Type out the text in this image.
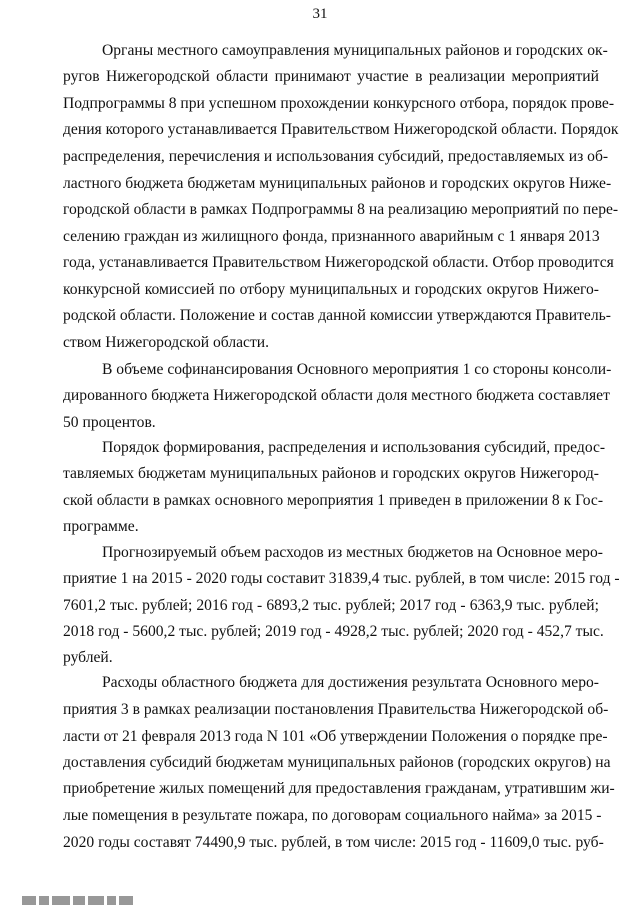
31
Органы местного самоуправления муниципальных районов и городских ок-
ругов Нижегородской области принимают участие в реализации мероприятий
Подпрограммы 8 при успешном прохождении конкурсного отбора, порядок прове-
дения которого устанавливается Правительством Нижегородской области. Порядок
распределения, перечисления и использования субсидий, предоставляемых из об-
ластного бюджета бюджетам муниципальных районов и городских округов Ниже-
городской области в рамках Подпрограммы 8 на реализацию мероприятий по пере-
селению граждан из жилищного фонда, признанного аварийным с 1 января 2013
года, устанавливается Правительством Нижегородской области. Отбор проводится
конкурсной комиссией по отбору муниципальных и городских округов Нижего-
родской области. Положение и состав данной комиссии утверждаются Правитель-
ством Нижегородской области.
В объеме софинансирования Основного мероприятия 1 со стороны консоли-
дированного бюджета Нижегородской области доля местного бюджета составляет
50 процентов.
Порядок формирования, распределения и использования субсидий, предос-
тавляемых бюджетам муниципальных районов и городских округов Нижегород-
ской области в рамках основного мероприятия 1 приведен в приложении 8 к Гос-
программе.
Прогнозируемый объем расходов из местных бюджетов на Основное меро-
приятие 1 на 2015 - 2020 годы составит 31839,4 тыс. рублей, в том числе: 2015 год -
7601,2 тыс. рублей; 2016 год - 6893,2 тыс. рублей; 2017 год - 6363,9 тыс. рублей;
2018 год - 5600,2 тыс. рублей; 2019 год - 4928,2 тыс. рублей; 2020 год - 452,7 тыс.
рублей.
Расходы областного бюджета для достижения результата Основного меро-
приятия 3 в рамках реализации постановления Правительства Нижегородской об-
ласти от 21 февраля 2013 года N 101 «Об утверждении Положения о порядке пре-
доставления субсидий бюджетам муниципальных районов (городских округов) на
приобретение жилых помещений для предоставления гражданам, утратившим жи-
лые помещения в результате пожара, по договорам социального найма» за 2015 -
2020 годы составят 74490,9 тыс. рублей, в том числе: 2015 год - 11609,0 тыс. руб-
